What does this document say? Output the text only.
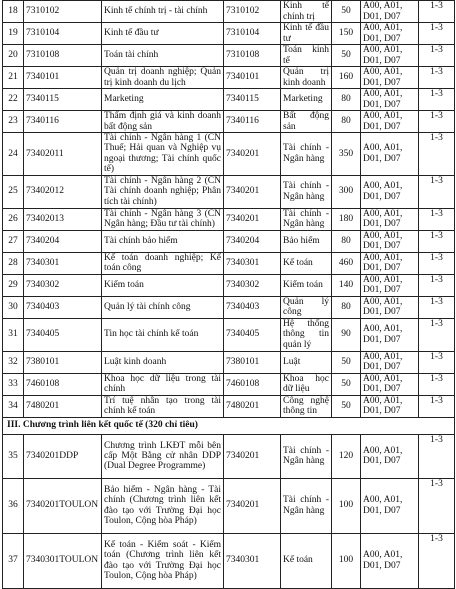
18	7310102	Kinh tế chính trị - tài chính	7310102	Kinh tế chính trị	50	A00, A01, D01, D07	1-3
19	7310104	Kinh tế đầu tư	7310104	Kinh tế đầu tư	150	A00, A01, D01, D07	1-3
20	7310108	Toán tài chính	7310108	Toán kinh tế	50	A00, A01, D01, D07	1-3
21	7340101	Quản trị doanh nghiệp; Quản trị kinh doanh du lịch	7340101	Quản trị kinh doanh	160	A00, A01, D01, D07	1-3
22	7340115	Marketing	7340115	Marketing	80	A00, A01, D01, D07	1-3
23	7340116	Thẩm định giá và kinh doanh bất động sản	7340116	Bất động sản	80	A00, A01, D01, D07	1-3
24	73402011	Tài chính - Ngân hàng 1 (CN Thuế; Hải quan và Nghiệp vụ ngoại thương; Tài chính quốc tế)	7340201	Tài chính - Ngân hàng	350	A00, A01, D01, D07	1-3
25	73402012	Tài chính - Ngân hàng 2 (CN Tài chính doanh nghiệp; Phân tích tài chính)	7340201	Tài chính - Ngân hàng	300	A00, A01, D01, D07	1-3
26	73402013	Tài chính - Ngân hàng 3 (CN Ngân hàng; Đầu tư tài chính)	7340201	Tài chính - Ngân hàng	180	A00, A01, D01, D07	1-3
27	7340204	Tài chính bảo hiểm	7340204	Bảo hiểm	80	A00, A01, D01, D07	1-3
28	7340301	Kế toán doanh nghiệp; Kế toán công	7340301	Kế toán	460	A00, A01, D01, D07	1-3
29	7340302	Kiểm toán	7340302	Kiểm toán	140	A00, A01, D01, D07	1-3
30	7340403	Quản lý tài chính công	7340403	Quản lý công	80	A00, A01, D01, D07	1-3
31	7340405	Tin học tài chính kế toán	7340405	Hệ thống thông tin quản lý	90	A00, A01, D01, D07	1-3
32	7380101	Luật kinh doanh	7380101	Luật	50	A00, A01, D01, D07	1-3
33	7460108	Khoa học dữ liệu trong tài chính	7460108	Khoa học dữ liệu	50	A00, A01, D01, D07	1-3
34	7480201	Trí tuệ nhân tạo trong tài chính kế toán	7480201	Công nghệ thông tin	50	A00, A01, D01, D07	1-3
III. Chương trình liên kết quốc tế (320 chỉ tiêu)							
35	7340201DDP	Chương trình LKĐT mỗi bên cấp Một Bằng cử nhân DDP (Dual Degree Programme)	7340201	Tài chính - Ngân hàng	120	A00, A01, D01, D07	1-3
36	7340201TOULON	Bảo hiểm - Ngân hàng - Tài chính (Chương trình liên kết đào tạo với Trường Đại học Toulon, Cộng hòa Pháp)	7340201	Tài chính - Ngân hàng	100	A00, A01, D01, D07	1-3
37	7340301TOULON	Kế toán - Kiểm soát - Kiểm toán (Chương trình liên kết đào tạo với Trường Đại học Toulon, Cộng hòa Pháp)	7340301	Kế toán	100	A00, A01, D01, D07	1-3
